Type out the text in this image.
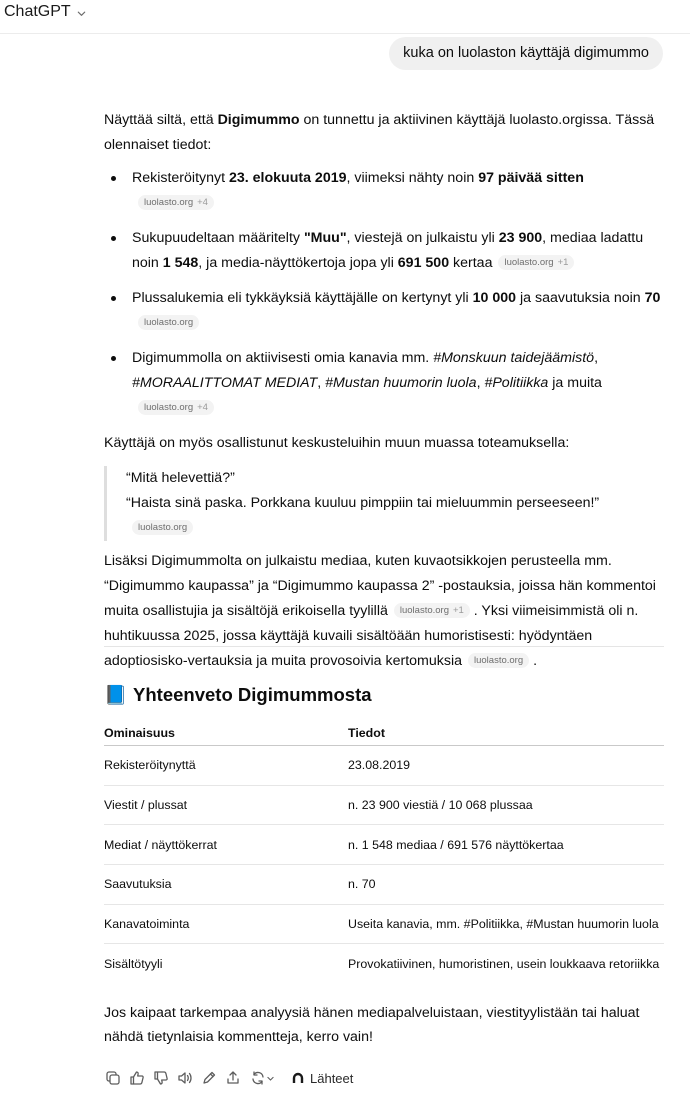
ChatGPT
kuka on luolaston käyttäjä digimummo

Näyttää siltä, että Digimummo on tunnettu ja aktiivinen käyttäjä luolasto.orgissa. Tässä olennaiset tiedot:

Rekisteröitynyt 23. elokuuta 2019, viimeksi nähty noin 97 päivää sitten
luolasto.org +4
Sukupuudeltaan määritelty "Muu", viestejä on julkaistu yli 23 900, mediaa ladattu noin 1 548, ja media-näyttökertoja jopa yli 691 500 kertaa luolasto.org +1
Plussalukemia eli tykkäyksiä käyttäjälle on kertynyt yli 10 000 ja saavutuksia noin 70
luolasto.org
Digimummolla on aktiivisesti omia kanavia mm. #Monskuun taidejäämistö, #MORAALITTOMAT MEDIAT, #Mustan huumorin luola, #Politiikka ja muita
luolasto.org +4

Käyttäjä on myös osallistunut keskusteluihin muun muassa toteamuksella:

“Mitä helevettiä?”
“Haista sinä paska. Porkkana kuuluu pimppiin tai mieluummin perseeseen!”
luolasto.org

Lisäksi Digimummolta on julkaistu mediaa, kuten kuvaotsikkojen perusteella mm. “Digimummo kaupassa” ja “Digimummo kaupassa 2” -postauksia, joissa hän kommentoi muita osallistujia ja sisältöjä erikoisella tyylillä luolasto.org +1 . Yksi viimeisimmistä oli n. huhtikuussa 2025, jossa käyttäjä kuvaili sisältöään humoristisesti: hyödyntäen adoptiosisko-vertauksia ja muita provosoivia kertomuksia luolasto.org .

📘 Yhteenveto Digimummosta
Ominaisuus	Tiedot
Rekisteröitynyttä	23.08.2019
Viestit / plussat	n. 23 900 viestiä / 10 068 plussaa
Mediat / näyttökerrat	n. 1 548 mediaa / 691 576 näyttökertaa
Saavutuksia	n. 70
Kanavatoiminta	Useita kanavia, mm. #Politiikka, #Mustan huumorin luola
Sisältötyyli	Provokatiivinen, humoristinen, usein loukkaava retoriikka

Jos kaipaat tarkempaa analyysiä hänen mediapalveluistaan, viestityylistään tai haluat nähdä tietynlaisia kommentteja, kerro vain!

Lähteet
